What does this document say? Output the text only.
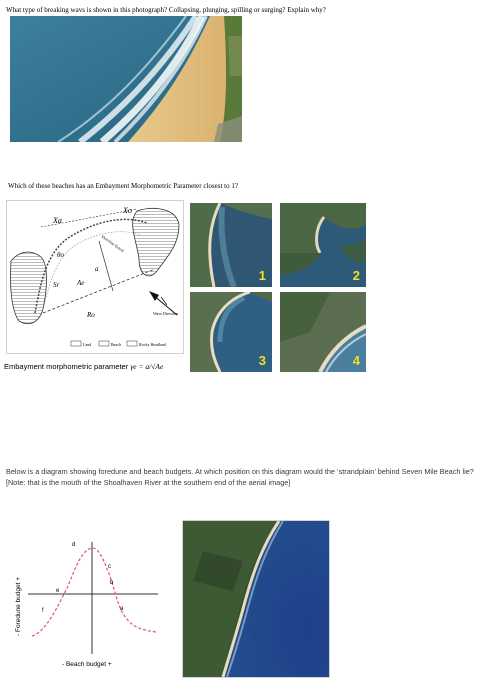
What type of breaking wavs is shown in this photograph? Collapsing, plunging, spilling or surging? Explain why?
Which of these beaches has an Embayment Morphometric Parameter closest to 1?
Xa
Xo
θo
Sr	Ae
a
Ro
Shoreline Extent
Wave Direction
Land	Beach	Rocky Headland
Embayment morphometric parameter γe = a/√Ae
1	2
3	4
Below is a diagram showing foredune and beach budgets. At which position on this diagram would the ‘strandplain’ behind Seven Mile Beach lie? [Note: that is the mouth of the Shoalhaven River at the southern end of the aerial image]
a
b
c
d
e
f
- Foredune budget +
- Beach budget +
